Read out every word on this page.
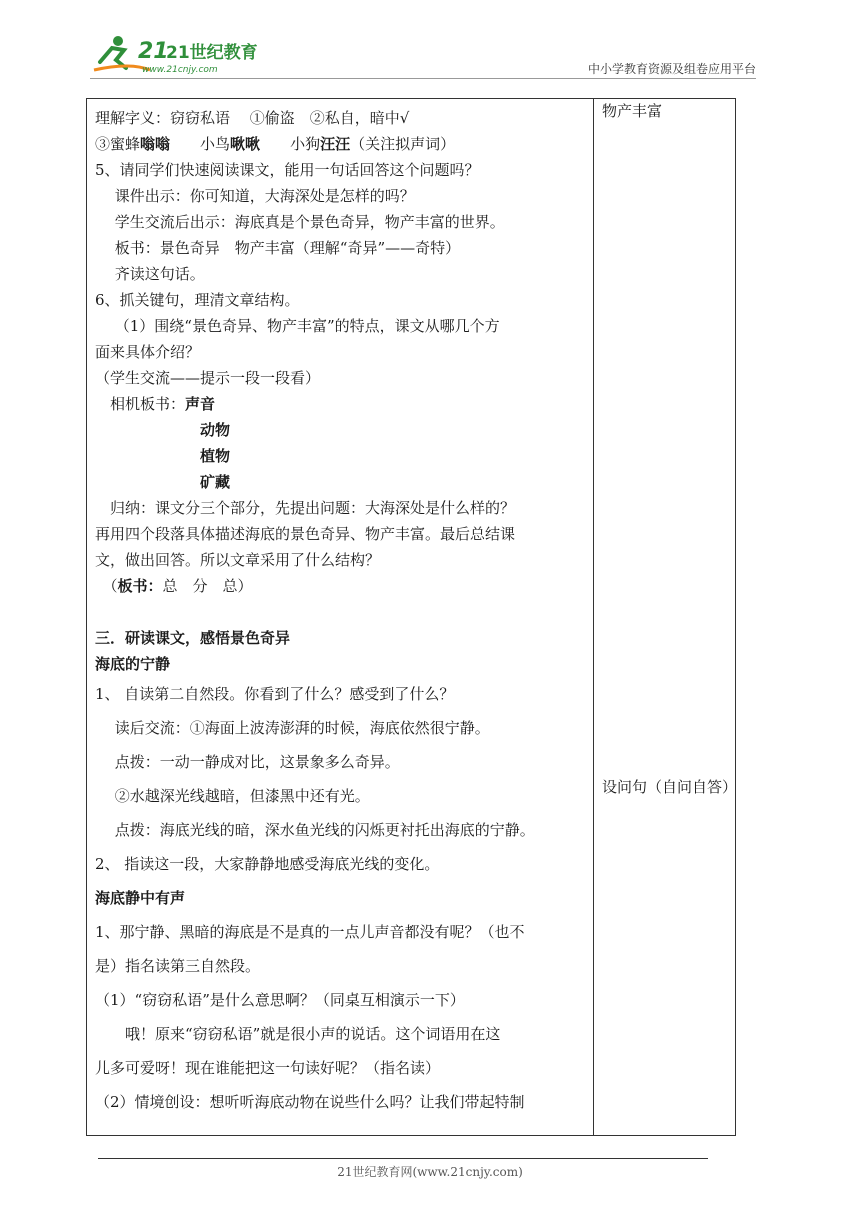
21
21世纪教育
www.21cnjy.com	中小学教育资源及组卷应用平台

理解字义：窃窃私语　 ①偷盗　②私自，暗中√

③蜜蜂嗡嗡　　小鸟啾啾　　小狗汪汪（关注拟声词）

5、请同学们快速阅读课文，能用一句话回答这个问题吗？

　 课件出示：你可知道，大海深处是怎样的吗？

　 学生交流后出示：海底真是个景色奇异，物产丰富的世界。

　 板书：景色奇异　物产丰富（理解“奇异”——奇特）

　 齐读这句话。

6、抓关键句，理清文章结构。

　 （1）围绕“景色奇异、物产丰富”的特点，课文从哪几个方

面来具体介绍？

（学生交流——提示一段一段看）

　相机板书：声音

动物

植物

矿藏

　归纳：课文分三个部分，先提出问题：大海深处是什么样的？

再用四个段落具体描述海底的景色奇异、物产丰富。最后总结课

文，做出回答。所以文章采用了什么结构？

　（板书：总　分　总）

三．研读课文，感悟景色奇异

海底的宁静

1、 自读第二自然段。你看到了什么？感受到了什么？

　 读后交流：①海面上波涛澎湃的时候，海底依然很宁静。

　 点拨：一动一静成对比，这景象多么奇异。

　 ②水越深光线越暗，但漆黑中还有光。

　 点拨：海底光线的暗，深水鱼光线的闪烁更衬托出海底的宁静。

2、 指读这一段，大家静静地感受海底光线的变化。

海底静中有声

1、那宁静、黑暗的海底是不是真的一点儿声音都没有呢？（也不

是）指名读第三自然段。

（1）“窃窃私语”是什么意思啊？（同桌互相演示一下）

　　哦！原来“窃窃私语”就是很小声的说话。这个词语用在这

儿多可爱呀！现在谁能把这一句读好呢？（指名读）

（2）情境创设：想听听海底动物在说些什么吗？让我们带起特制

物产丰富
设问句（自问自答）
21世纪教育网(www.21cnjy.com)
